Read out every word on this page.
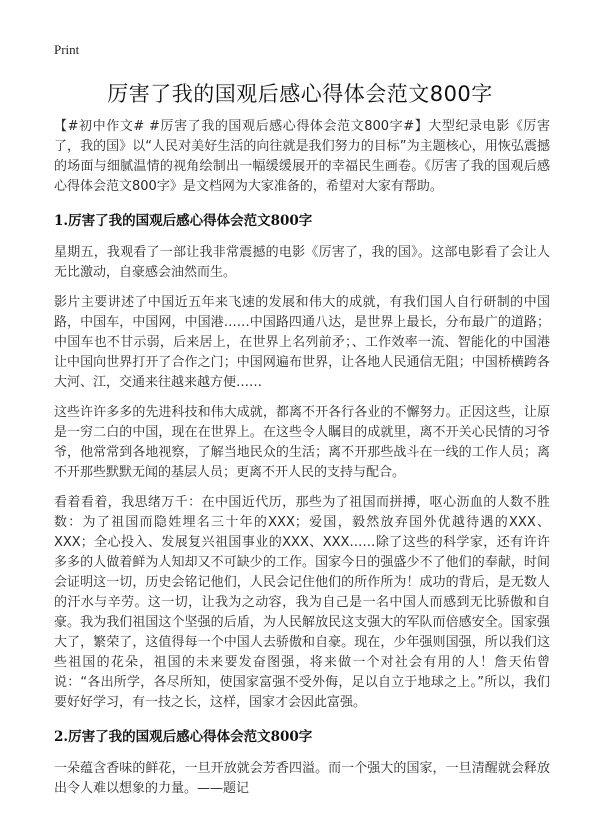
Print
厉害了我的国观后感心得体会范文800字

【#初中作文# #厉害了我的国观后感心得体会范文800字#】大型纪录电影《厉害了，我的国》以“人民对美好生活的向往就是我们努力的目标”为主题核心，用恢弘震撼的场面与细腻温情的视角绘制出一幅缓缓展开的幸福民生画卷。《厉害了我的国观后感心得体会范文800字》是文档网为大家准备的，希望对大家有帮助。

1.厉害了我的国观后感心得体会范文800字

星期五，我观看了一部让我非常震撼的电影《厉害了，我的国》。这部电影看了会让人无比激动，自豪感会油然而生。

影片主要讲述了中国近五年来飞速的发展和伟大的成就，有我们国人自行研制的中国路，中国车，中国网，中国港……中国路四通八达，是世界上最长，分布最广的道路；中国车也不甘示弱，后来居上，在世界上名列前矛；、工作效率一流、智能化的中国港让中国向世界打开了合作之门；中国网遍布世界，让各地人民通信无阻；中国桥横跨各大河、江，交通来往越来越方便……

这些许许多多的先进科技和伟大成就，都离不开各行各业的不懈努力。正因这些，让原是一穷二白的中国，现在在世界上。在这些令人瞩目的成就里，离不开关心民情的习爷爷，他常常到各地视察，了解当地民众的生活；离不开那些战斗在一线的工作人员；离不开那些默默无闻的基层人员；更离不开人民的支持与配合。

看着看着，我思绪万千：在中国近代历，那些为了祖国而拼搏，呕心沥血的人数不胜数：为了祖国而隐姓埋名三十年的XXX；爱国，毅然放弃国外优越待遇的XXX、XXX；全心投入、发展复兴祖国事业的XXX、XXX……除了这些的科学家，还有许许多多的人做着鲜为人知却又不可缺少的工作。国家今日的强盛少不了他们的奉献，时间会证明这一切，历史会铭记他们，人民会记住他们的所作所为！成功的背后，是无数人的汗水与辛劳。这一切，让我为之动容，我为自己是一名中国人而感到无比骄傲和自豪。我为我们祖国这个坚强的后盾，为人民解放民这支强大的军队而倍感安全。国家强大了，繁荣了，这值得每一个中国人去骄傲和自豪。现在，少年强则国强，所以我们这些祖国的花朵，祖国的未来要发奋图强，将来做一个对社会有用的人！詹天佑曾说：“各出所学，各尽所知，使国家富强不受外侮，足以自立于地球之上。”所以，我们要好好学习，有一技之长，这样，国家才会因此富强。

2.厉害了我的国观后感心得体会范文800字

一朵蕴含香味的鲜花，一旦开放就会芳香四溢。而一个强大的国家，一旦清醒就会释放出令人难以想象的力量。——题记
